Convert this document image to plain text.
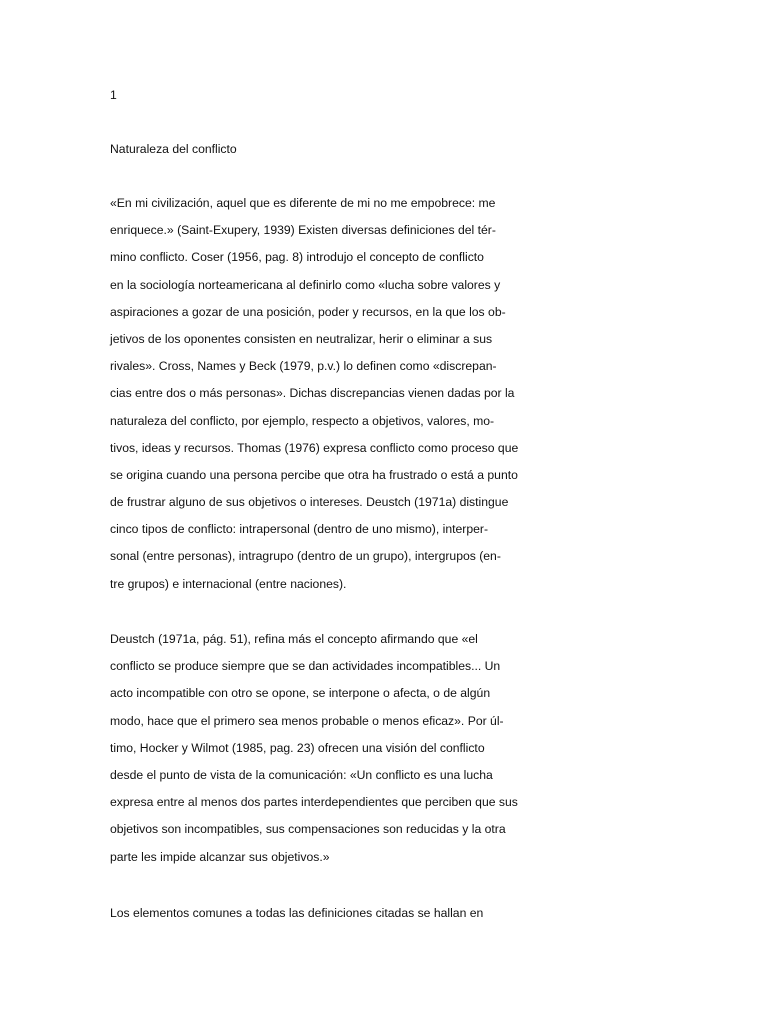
1
Naturaleza del conflicto
«En mi civilización, aquel que es diferente de mi no me empobrece: me
enriquece.» (Saint-Exupery, 1939) Existen diversas definiciones del tér-
mino conflicto. Coser (1956, pag. 8) introdujo el concepto de conflicto
en la sociología norteamericana al definirlo como «lucha sobre valores y
aspiraciones a gozar de una posición, poder y recursos, en la que los ob-
jetivos de los oponentes consisten en neutralizar, herir o eliminar a sus
rivales». Cross, Names y Beck (1979, p.v.) lo definen como «discrepan-
cias entre dos o más personas». Dichas discrepancias vienen dadas por la
naturaleza del conflicto, por ejemplo, respecto a objetivos, valores, mo-
tivos, ideas y recursos. Thomas (1976) expresa conflicto como proceso que
se origina cuando una persona percibe que otra ha frustrado o está a punto
de frustrar alguno de sus objetivos o intereses. Deustch (1971a) distingue
cinco tipos de conflicto: intrapersonal (dentro de uno mismo), interper-
sonal (entre personas), intragrupo (dentro de un grupo), intergrupos (en-
tre grupos) e internacional (entre naciones).
Deustch (1971a, pág. 51), refina más el concepto afirmando que «el
conflicto se produce siempre que se dan actividades incompatibles... Un
acto incompatible con otro se opone, se interpone o afecta, o de algún
modo, hace que el primero sea menos probable o menos eficaz». Por úl-
timo, Hocker y Wilmot (1985, pag. 23) ofrecen una visión del conflicto
desde el punto de vista de la comunicación: «Un conflicto es una lucha
expresa entre al menos dos partes interdependientes que perciben que sus
objetivos son incompatibles, sus compensaciones son reducidas y la otra
parte les impide alcanzar sus objetivos.»
Los elementos comunes a todas las definiciones citadas se hallan en
